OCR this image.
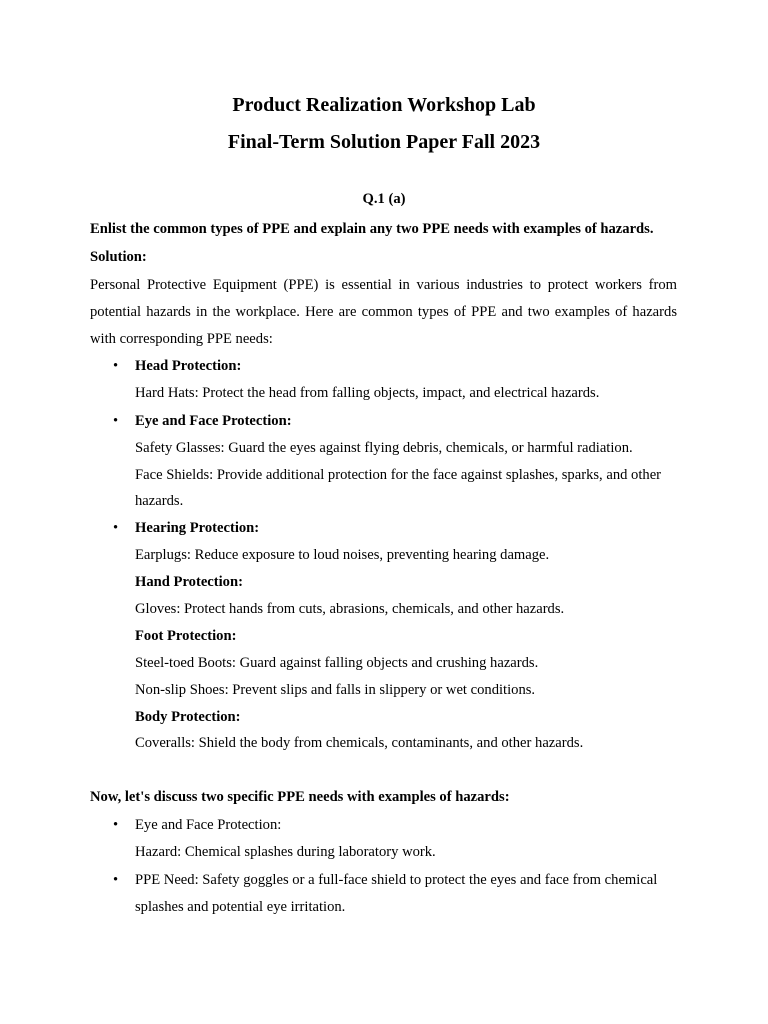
Product Realization Workshop Lab
Final-Term Solution Paper Fall 2023
Q.1 (a)
Enlist the common types of PPE and explain any two PPE needs with examples of hazards.
Solution:
Personal Protective Equipment (PPE) is essential in various industries to protect workers from
potential hazards in the workplace. Here are common types of PPE and two examples of hazards
with corresponding PPE needs:
• Head Protection:
Hard Hats: Protect the head from falling objects, impact, and electrical hazards.
• Eye and Face Protection:
Safety Glasses: Guard the eyes against flying debris, chemicals, or harmful radiation.
Face Shields: Provide additional protection for the face against splashes, sparks, and other
hazards.
• Hearing Protection:
Earplugs: Reduce exposure to loud noises, preventing hearing damage.
Hand Protection:
Gloves: Protect hands from cuts, abrasions, chemicals, and other hazards.
Foot Protection:
Steel-toed Boots: Guard against falling objects and crushing hazards.
Non-slip Shoes: Prevent slips and falls in slippery or wet conditions.
Body Protection:
Coveralls: Shield the body from chemicals, contaminants, and other hazards.
Now, let's discuss two specific PPE needs with examples of hazards:
• Eye and Face Protection:
Hazard: Chemical splashes during laboratory work.
• PPE Need: Safety goggles or a full-face shield to protect the eyes and face from chemical
splashes and potential eye irritation.
